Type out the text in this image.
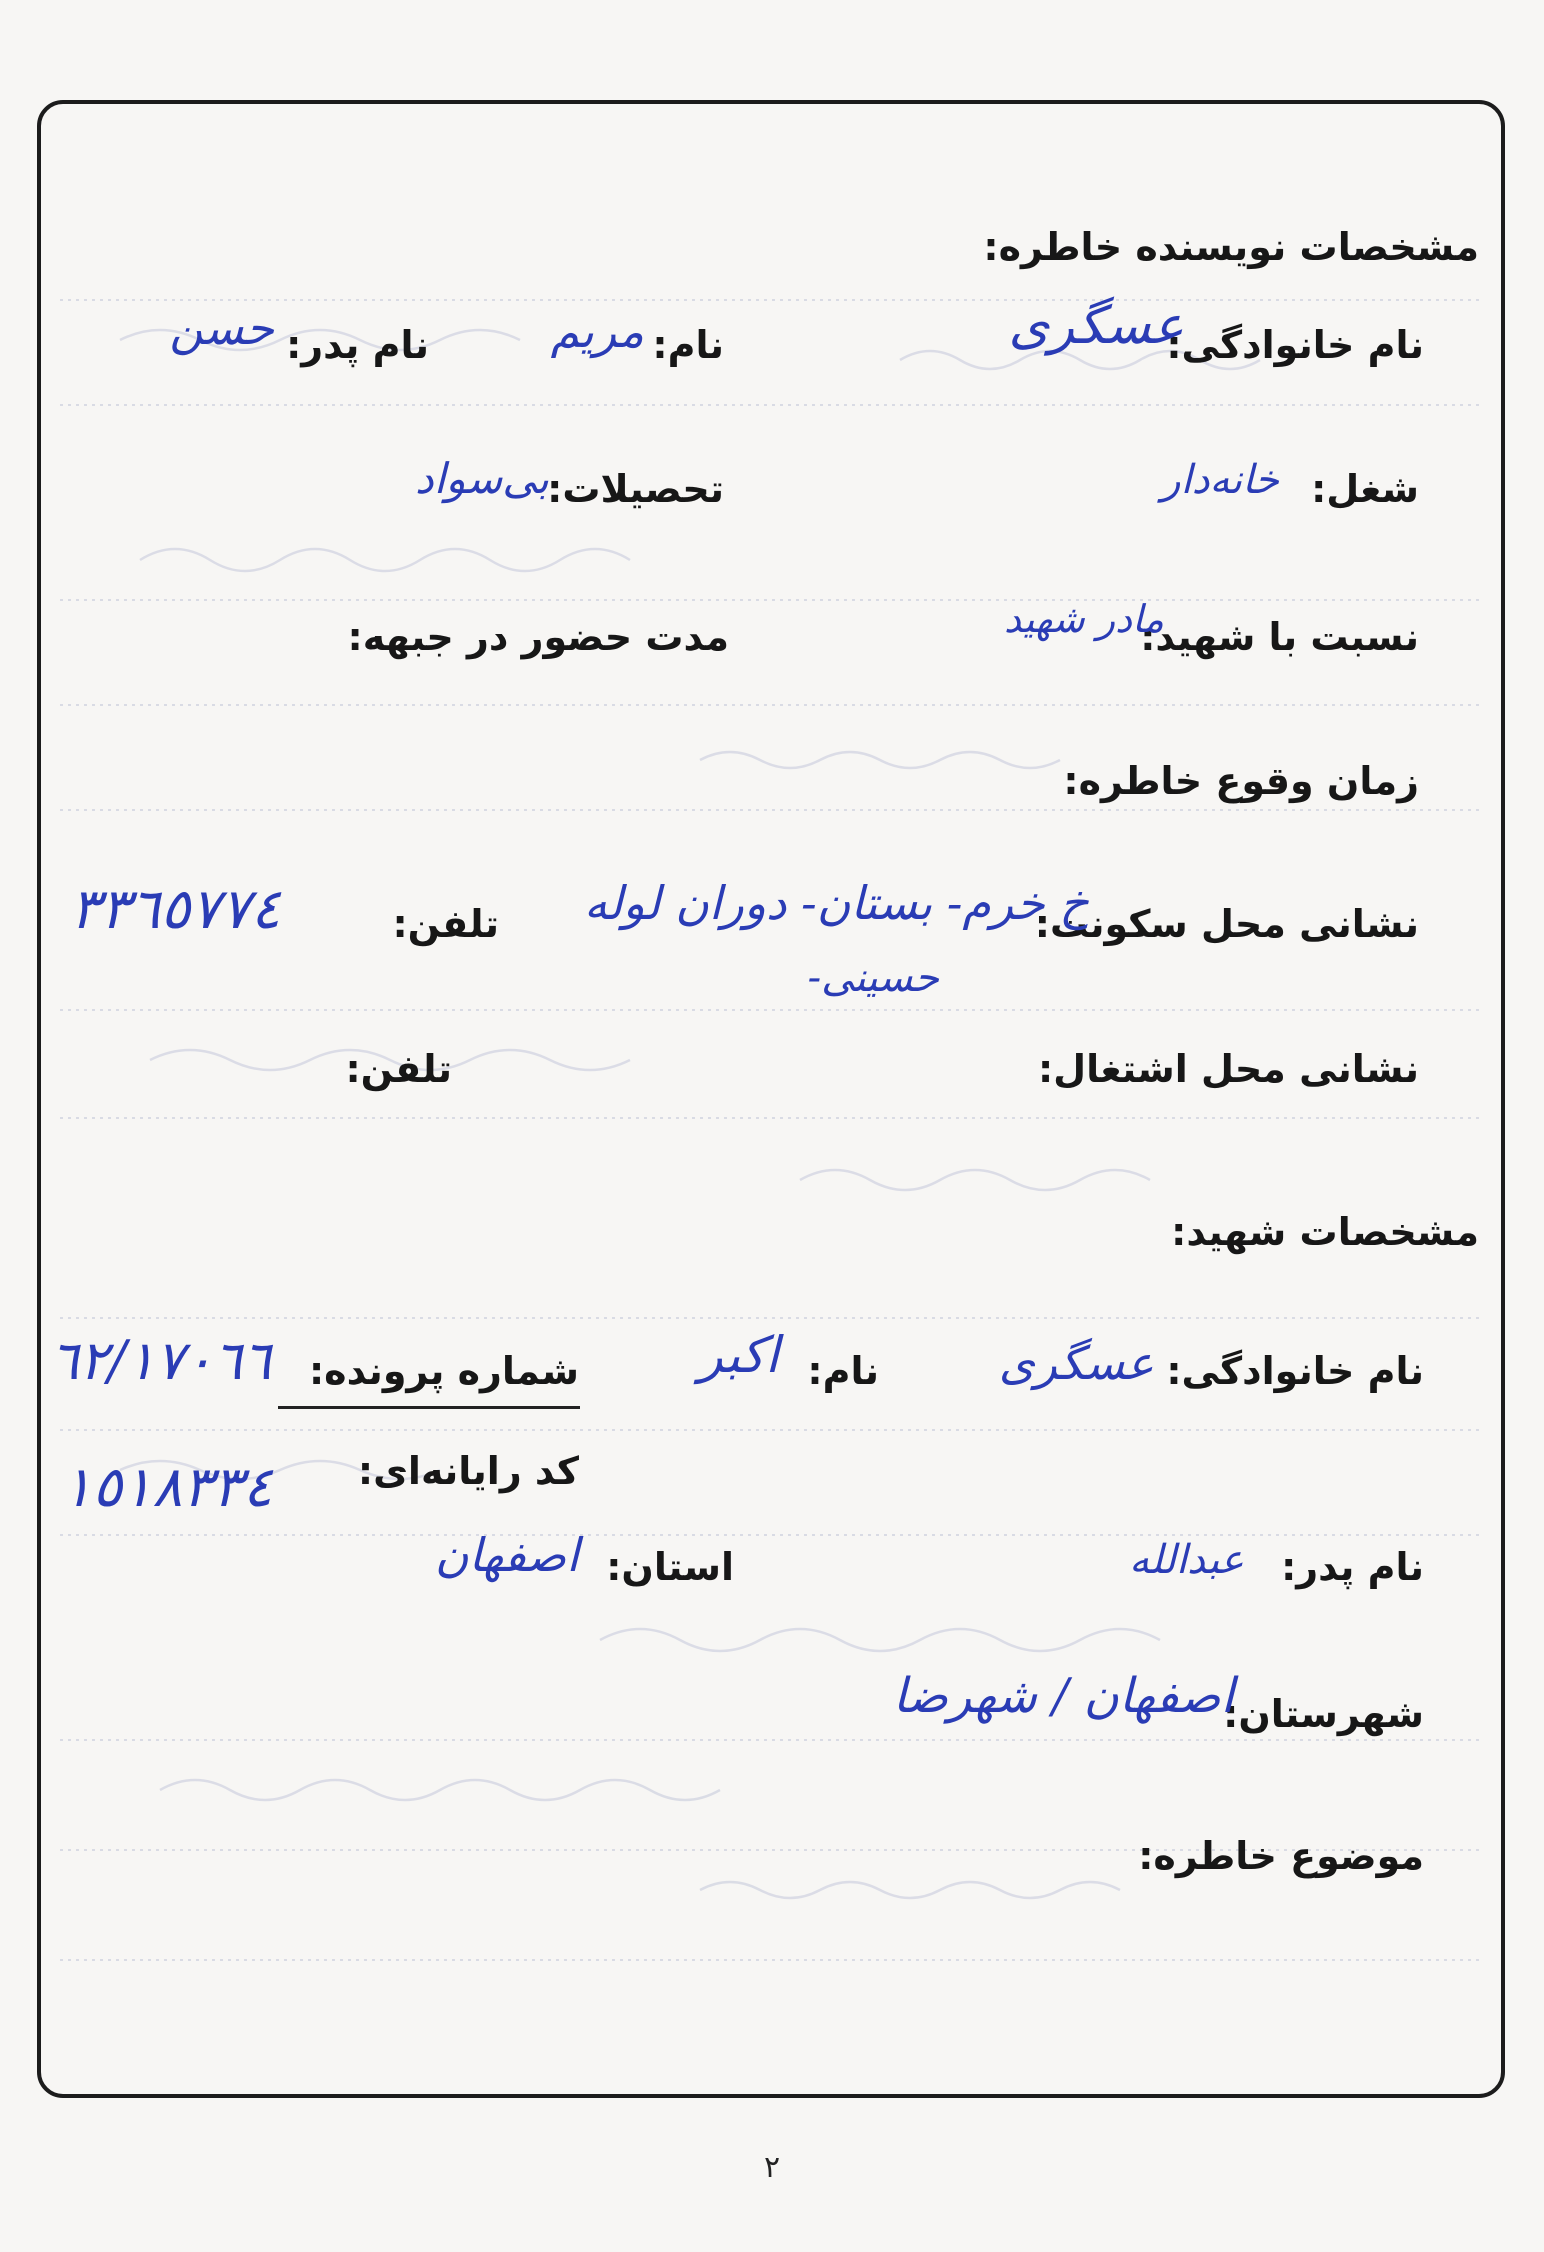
مشخصات نویسنده خاطره:
نام خانوادگی:
عسگری
نام:
مریم
نام پدر:
حسن
شغل:
خانه‌دار
تحصیلات:
بی‌سواد
نسبت با شهید:
مادر شهید
مدت حضور در جبهه:
زمان وقوع خاطره:
نشانی محل سکونت:
خ خرم- بستان- دوران لوله
حسینی-
تلفن:
٣٣٦٥٧٧٤
نشانی محل اشتغال:
تلفن:
مشخصات شهید:
نام خانوادگی:
عسگری
نام:
اکبر
شماره پرونده:
٦٢/١٧٠٦٦
کد رایانه‌ای:
١٥١٨٣٣٤
نام پدر:
عبدالله
استان:
اصفهان
شهرستان:
اصفهان / شهرضا
موضوع خاطره:
٢
